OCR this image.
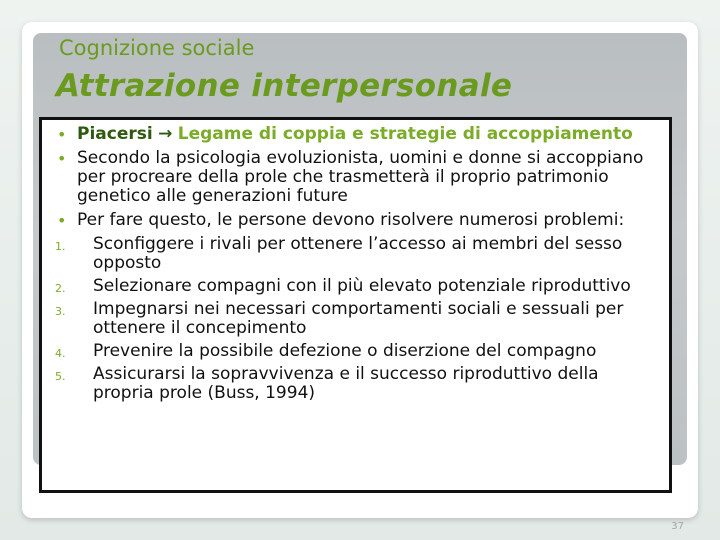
Cognizione sociale
Attrazione interpersonale
• Piacersi → Legame di coppia e strategie di accoppiamento
• Secondo la psicologia evoluzionista, uomini e donne si accoppiano per procreare della prole che trasmetterà il proprio patrimonio genetico alle generazioni future
• Per fare questo, le persone devono risolvere numerosi problemi:
1. Sconfiggere i rivali per ottenere l’accesso ai membri del sesso opposto
2. Selezionare compagni con il più elevato potenziale riproduttivo
3. Impegnarsi nei necessari comportamenti sociali e sessuali per ottenere il concepimento
4. Prevenire la possibile defezione o diserzione del compagno
5. Assicurarsi la sopravvivenza e il successo riproduttivo della propria prole (Buss, 1994)
37
